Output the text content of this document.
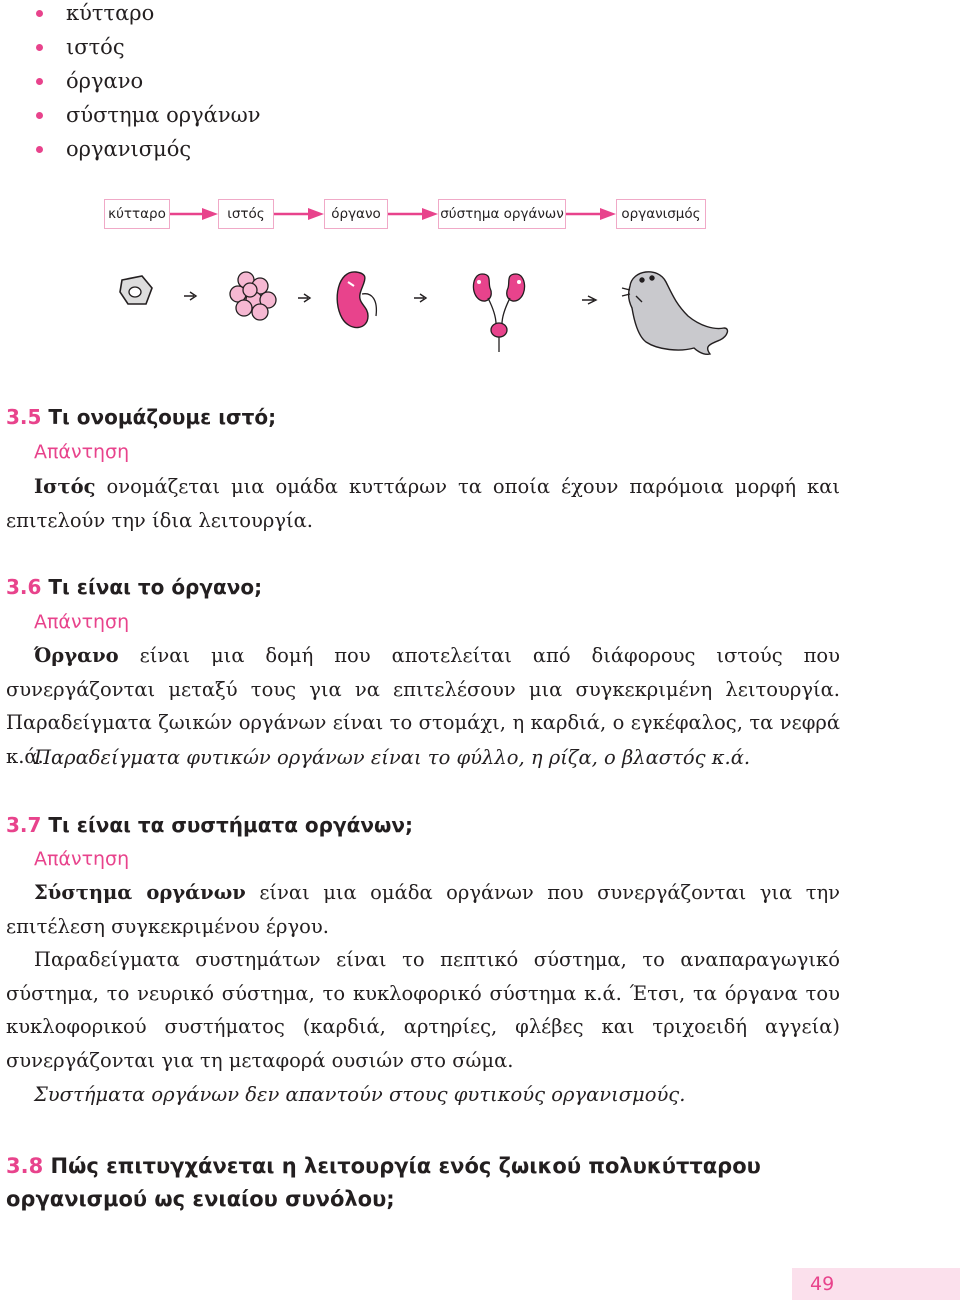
κύτταρο
ιστός
όργανο
σύστημα οργάνων
οργανισμός
κύτταρο	ιστός	όργανο	σύστημα οργάνων	οργανισμός
3.5 Τι ονομάζουμε ιστό;
Απάντηση

Ιστός ονομάζεται μια ομάδα κυττάρων τα οποία έχουν παρόμοια μορφή και επιτελούν την ίδια λειτουργία.

3.6 Τι είναι το όργανο;
Απάντηση

Όργανο είναι μια δομή που αποτελείται από διάφορους ιστούς που συνεργάζονται μεταξύ τους για να επιτελέσουν μια συγκεκριμένη λειτουργία. Παραδείγματα ζωικών οργάνων είναι το στομάχι, η καρδιά, ο εγκέφαλος, τα νεφρά κ.ά.

Παραδείγματα φυτικών οργάνων είναι το φύλλο, η ρίζα, ο βλαστός κ.ά.

3.7 Τι είναι τα συστήματα οργάνων;
Απάντηση

Σύστημα οργάνων είναι μια ομάδα οργάνων που συνεργάζονται για την επιτέλεση συγκεκριμένου έργου.

Παραδείγματα συστημάτων είναι το πεπτικό σύστημα, το αναπαραγωγικό σύστημα, το νευρικό σύστημα, το κυκλοφορικό σύστημα κ.ά. Έτσι, τα όργανα του κυκλοφορικού συστήματος (καρδιά, αρτηρίες, φλέβες και τριχοειδή αγγεία) συνεργάζονται για τη μεταφορά ουσιών στο σώμα.

Συστήματα οργάνων δεν απαντούν στους φυτικούς οργανισμούς.

3.8 Πώς επιτυγχάνεται η λειτουργία ενός ζωικού πολυκύτταρου οργανισμού ως ενιαίου συνόλου;
49
